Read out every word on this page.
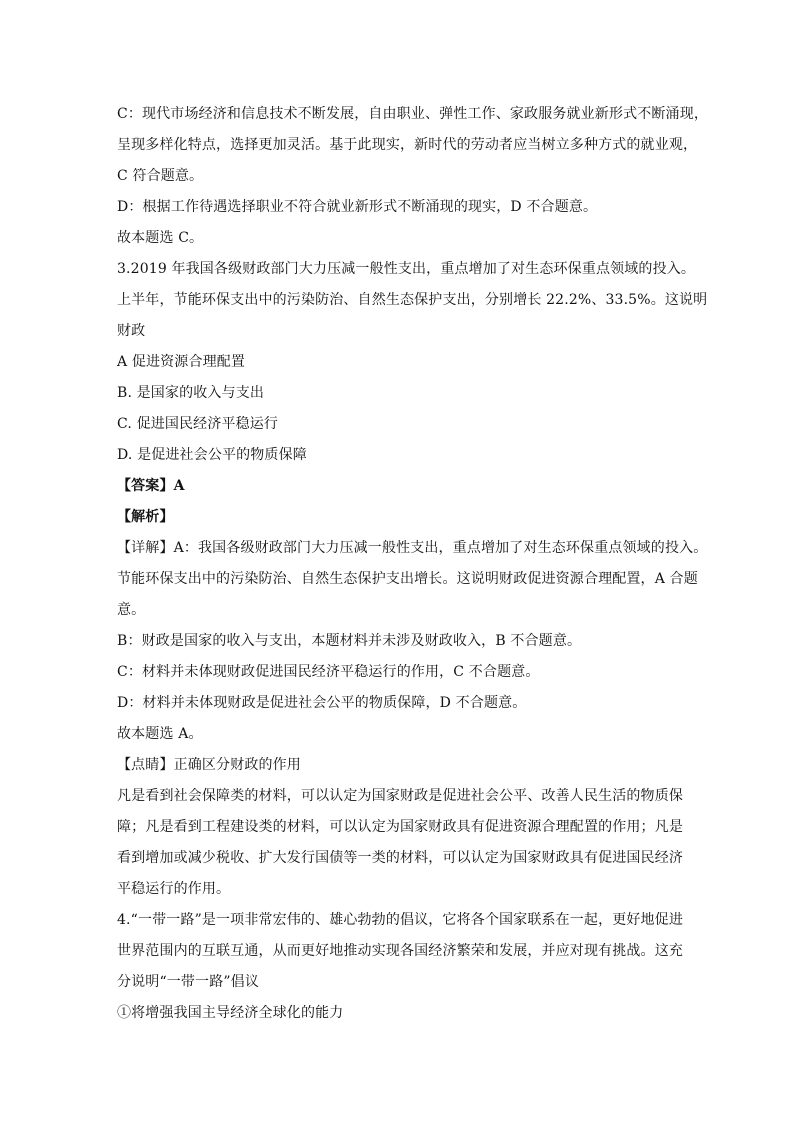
C：现代市场经济和信息技术不断发展，自由职业、弹性工作、家政服务就业新形式不断涌现，
呈现多样化特点，选择更加灵活。基于此现实，新时代的劳动者应当树立多种方式的就业观，
C 符合题意。
D：根据工作待遇选择职业不符合就业新形式不断涌现的现实，D 不合题意。
故本题选 C。
3.2019 年我国各级财政部门大力压减一般性支出，重点增加了对生态环保重点领域的投入。
上半年，节能环保支出中的污染防治、自然生态保护支出，分别增长 22.2%、33.5%。这说明
财政
A 促进资源合理配置
B. 是国家的收入与支出
C. 促进国民经济平稳运行
D. 是促进社会公平的物质保障
【答案】A
【解析】
【详解】A：我国各级财政部门大力压减一般性支出，重点增加了对生态环保重点领域的投入。
节能环保支出中的污染防治、自然生态保护支出增长。这说明财政促进资源合理配置，A 合题
意。
B：财政是国家的收入与支出，本题材料并未涉及财政收入，B 不合题意。
C：材料并未体现财政促进国民经济平稳运行的作用，C 不合题意。
D：材料并未体现财政是促进社会公平的物质保障，D 不合题意。
故本题选 A。
【点睛】正确区分财政的作用
凡是看到社会保障类的材料，可以认定为国家财政是促进社会公平、改善人民生活的物质保
障；凡是看到工程建设类的材料，可以认定为国家财政具有促进资源合理配置的作用；凡是
看到增加或减少税收、扩大发行国债等一类的材料，可以认定为国家财政具有促进国民经济
平稳运行的作用。
4.“一带一路”是一项非常宏伟的、雄心勃勃的倡议，它将各个国家联系在一起，更好地促进
世界范围内的互联互通，从而更好地推动实现各国经济繁荣和发展，并应对现有挑战。这充
分说明“一带一路”倡议
①将增强我国主导经济全球化的能力
